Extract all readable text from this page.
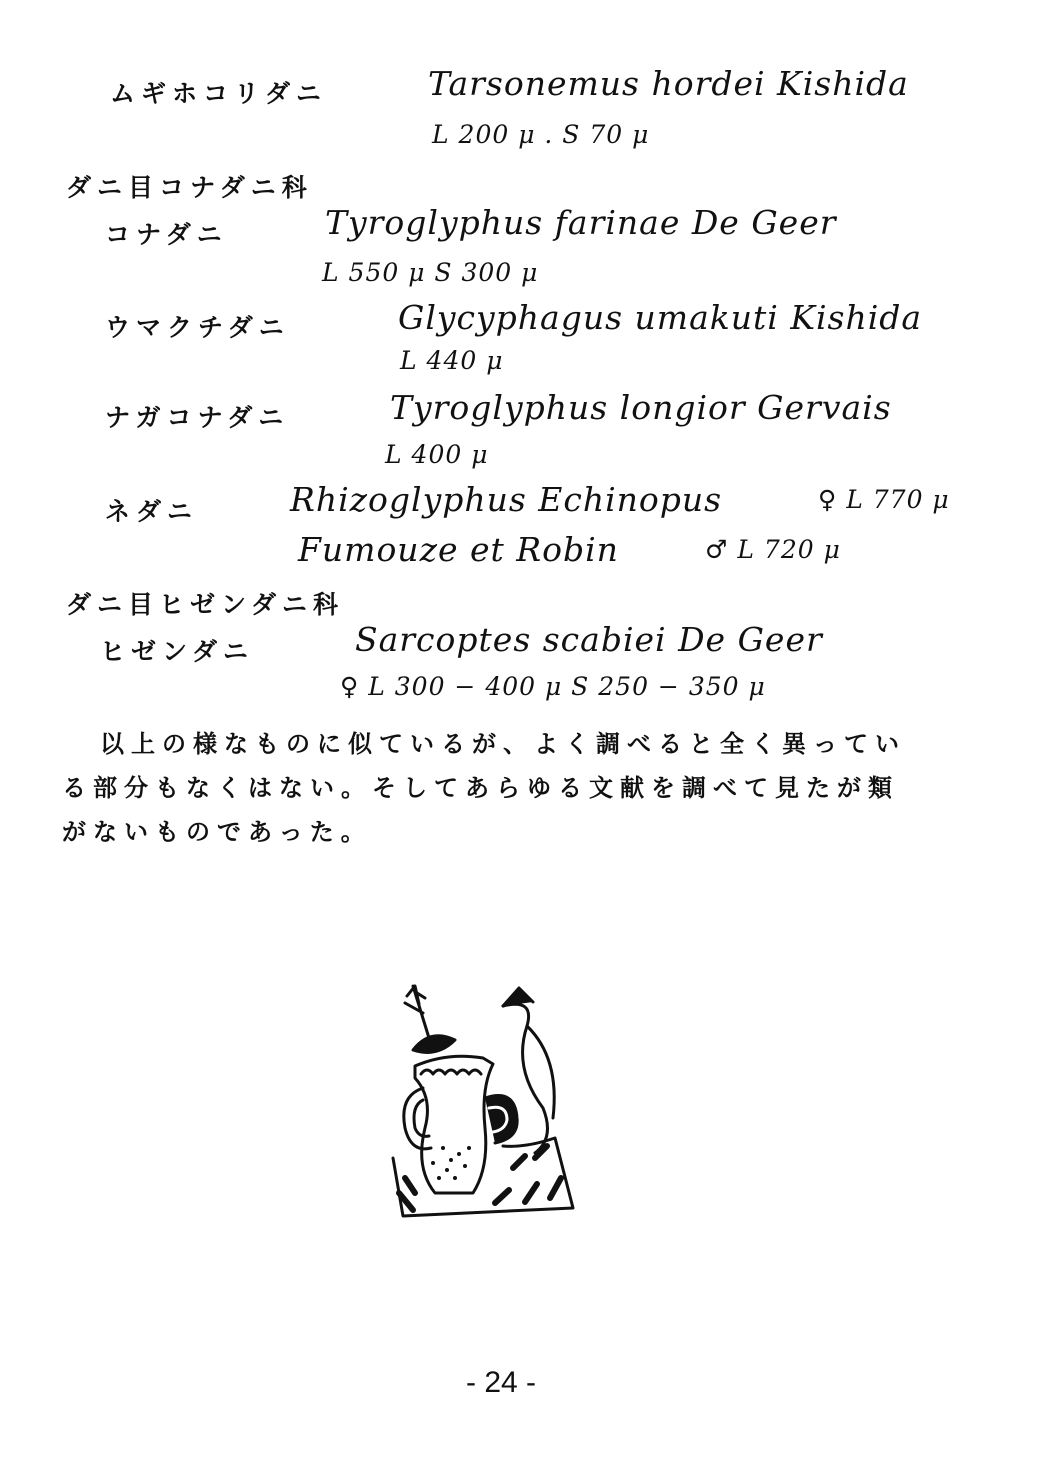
ムギホコリダニ	Tarsonemus hordei Kishida
L 200 μ . S 70 μ
ダニ目コナダニ科
コナダニ	Tyroglyphus farinae De Geer
L 550 μ S 300 μ
ウマクチダニ	Glycyphagus umakuti Kishida
L 440 μ
ナガコナダニ	Tyroglyphus longior Gervais
L 400 μ
ネダニ	Rhizoglyphus Echinopus	♀ L 770 μ
Fumouze et Robin	♂ L 720 μ
ダニ目ヒゼンダニ科
ヒゼンダニ	Sarcoptes scabiei De Geer
♀ L 300 − 400 μ S 250 − 350 μ
以上の様なものに似ているが、よく調べると全く異ってい
る部分もなくはない。そしてあらゆる文献を調べて見たが類
がないものであった。
- 24 -
